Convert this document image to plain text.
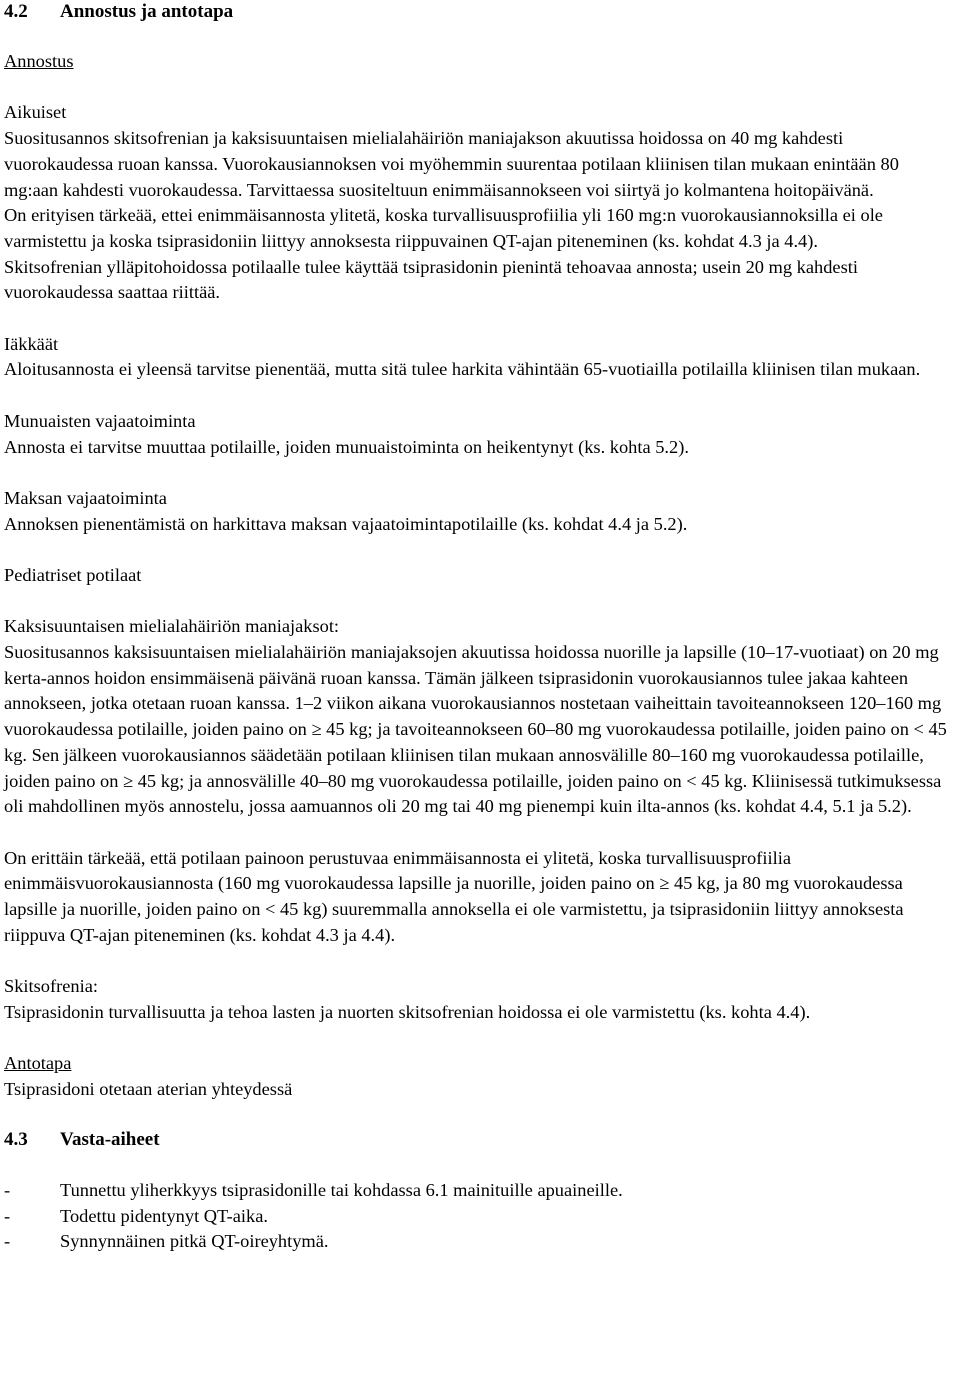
4.2	Annostus ja antotapa

Annostus

Aikuiset

Suositusannos skitsofrenian ja kaksisuuntaisen mielialahäiriön maniajakson akuutissa hoidossa on 40 mg kahdesti vuorokaudessa ruoan kanssa. Vuorokausiannoksen voi myöhemmin suurentaa potilaan kliinisen tilan mukaan enintään 80 mg:aan kahdesti vuorokaudessa. Tarvittaessa suositeltuun enimmäisannokseen voi siirtyä jo kolmantena hoitopäivänä.

On erityisen tärkeää, ettei enimmäisannosta ylitetä, koska turvallisuusprofiilia yli 160 mg:n vuorokausiannoksilla ei ole varmistettu ja koska tsiprasidoniin liittyy annoksesta riippuvainen QT-ajan piteneminen (ks. kohdat 4.3 ja 4.4).

Skitsofrenian ylläpitohoidossa potilaalle tulee käyttää tsiprasidonin pienintä tehoavaa annosta; usein 20 mg kahdesti vuorokaudessa saattaa riittää.

Iäkkäät

Aloitusannosta ei yleensä tarvitse pienentää, mutta sitä tulee harkita vähintään 65-vuotiailla potilailla kliinisen tilan mukaan.

Munuaisten vajaatoiminta

Annosta ei tarvitse muuttaa potilaille, joiden munuaistoiminta on heikentynyt (ks. kohta 5.2).

Maksan vajaatoiminta

Annoksen pienentämistä on harkittava maksan vajaatoimintapotilaille (ks. kohdat 4.4 ja 5.2).

Pediatriset potilaat

Kaksisuuntaisen mielialahäiriön maniajaksot:

Suositusannos kaksisuuntaisen mielialahäiriön maniajaksojen akuutissa hoidossa nuorille ja lapsille (10–17-vuotiaat) on 20 mg kerta-annos hoidon ensimmäisenä päivänä ruoan kanssa. Tämän jälkeen tsiprasidonin vuorokausiannos tulee jakaa kahteen annokseen, jotka otetaan ruoan kanssa. 1–2 viikon aikana vuorokausiannos nostetaan vaiheittain tavoiteannokseen 120–160 mg vuorokaudessa potilaille, joiden paino on ≥ 45 kg; ja tavoiteannokseen 60–80 mg vuorokaudessa potilaille, joiden paino on < 45 kg. Sen jälkeen vuorokausiannos säädetään potilaan kliinisen tilan mukaan annosvälille 80–160 mg vuorokaudessa potilaille, joiden paino on ≥ 45 kg; ja annosvälille 40–80 mg vuorokaudessa potilaille, joiden paino on < 45 kg. Kliinisessä tutkimuksessa oli mahdollinen myös annostelu, jossa aamuannos oli 20 mg tai 40 mg pienempi kuin ilta-annos (ks. kohdat 4.4, 5.1 ja 5.2).

On erittäin tärkeää, että potilaan painoon perustuvaa enimmäisannosta ei ylitetä, koska turvallisuusprofiilia enimmäisvuorokausiannosta (160 mg vuorokaudessa lapsille ja nuorille, joiden paino on ≥ 45 kg, ja 80 mg vuorokaudessa lapsille ja nuorille, joiden paino on < 45 kg) suuremmalla annoksella ei ole varmistettu, ja tsiprasidoniin liittyy annoksesta riippuva QT-ajan piteneminen (ks. kohdat 4.3 ja 4.4).

Skitsofrenia:

Tsiprasidonin turvallisuutta ja tehoa lasten ja nuorten skitsofrenian hoidossa ei ole varmistettu (ks. kohta 4.4).

Antotapa

Tsiprasidoni otetaan aterian yhteydessä

4.3	Vasta-aiheet
-	Tunnettu yliherkkyys tsiprasidonille tai kohdassa 6.1 mainituille apuaineille.
-	Todettu pidentynyt QT-aika.
-	Synnynnäinen pitkä QT-oireyhtymä.
